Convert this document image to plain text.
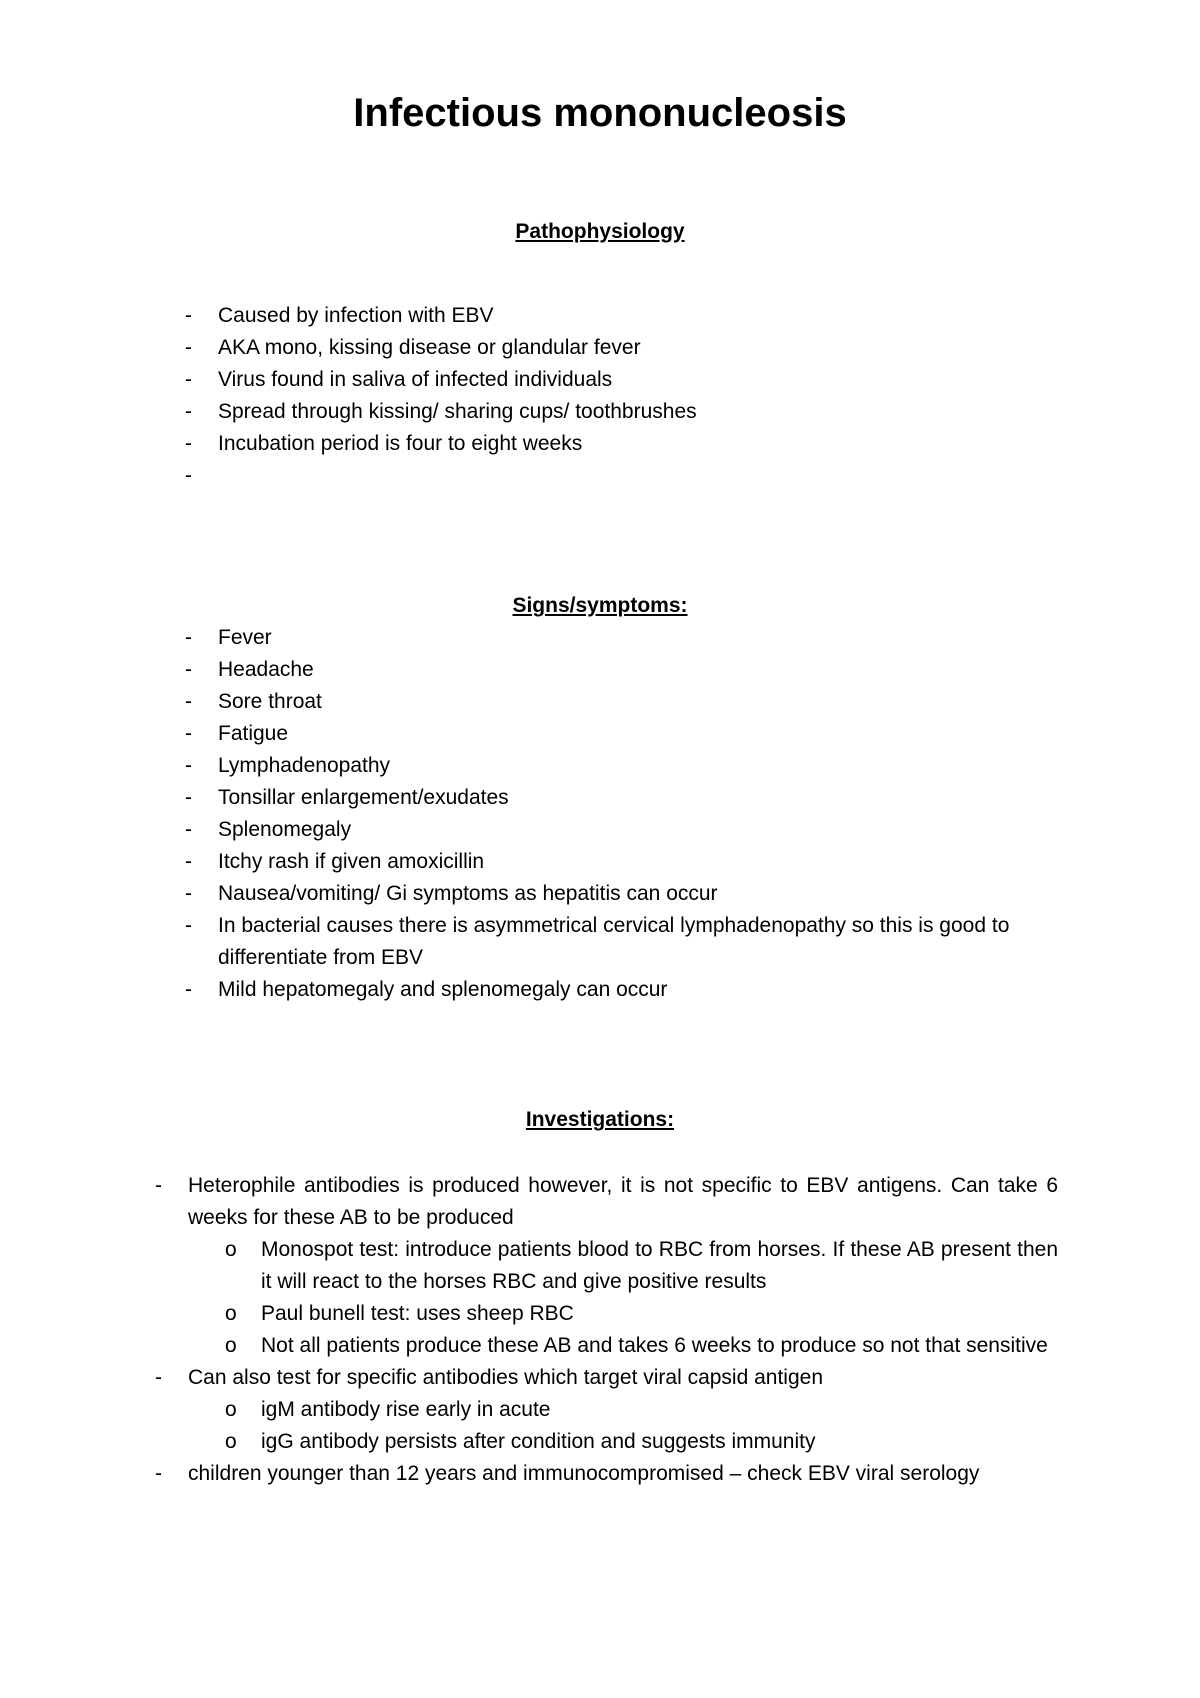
Infectious mononucleosis
Pathophysiology
- Caused by infection with EBV
- AKA mono, kissing disease or glandular fever
- Virus found in saliva of infected individuals
- Spread through kissing/ sharing cups/ toothbrushes
- Incubation period is four to eight weeks
-
Signs/symptoms:
- Fever
- Headache
- Sore throat
- Fatigue
- Lymphadenopathy
- Tonsillar enlargement/exudates
- Splenomegaly
- Itchy rash if given amoxicillin
- Nausea/vomiting/ Gi symptoms as hepatitis can occur
- In bacterial causes there is asymmetrical cervical lymphadenopathy so this is good to differentiate from EBV
- Mild hepatomegaly and splenomegaly can occur
Investigations:
- Heterophile antibodies is produced however, it is not specific to EBV antigens. Can take 6 weeks for these AB to be produced
o Monospot test: introduce patients blood to RBC from horses. If these AB present then it will react to the horses RBC and give positive results
o Paul bunell test: uses sheep RBC
o Not all patients produce these AB and takes 6 weeks to produce so not that sensitive
- Can also test for specific antibodies which target viral capsid antigen
o igM antibody rise early in acute
o igG antibody persists after condition and suggests immunity
- children younger than 12 years and immunocompromised – check EBV viral serology
